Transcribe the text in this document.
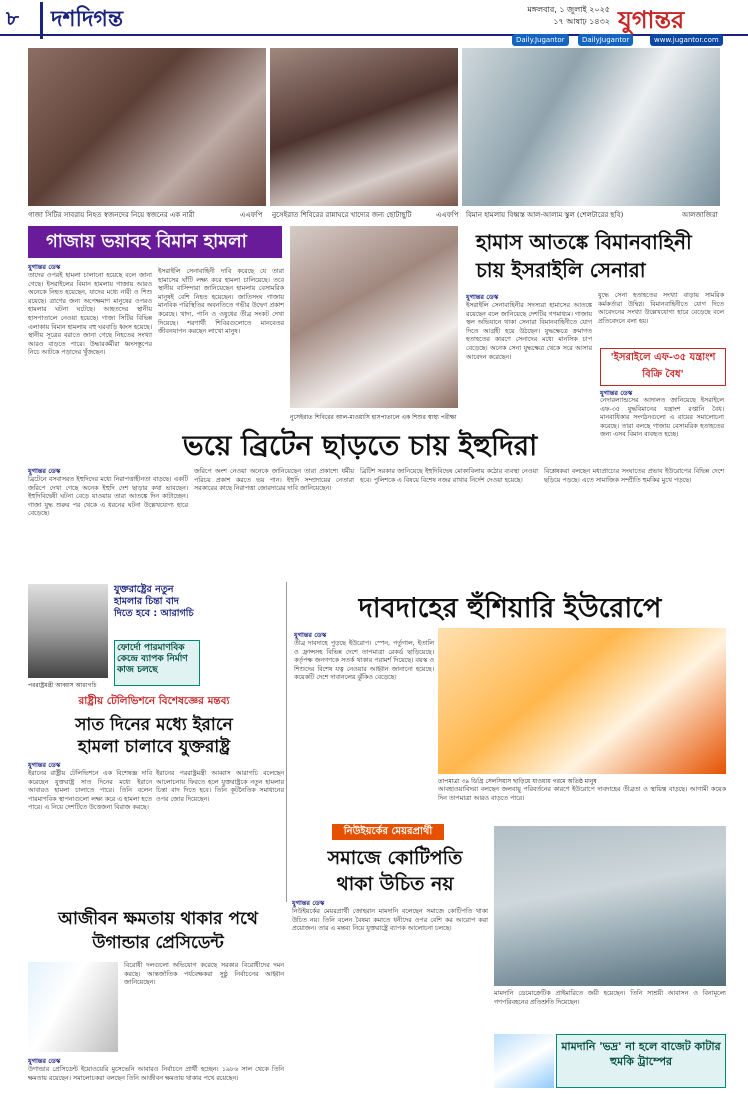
৮	দশদিগন্ত	মঙ্গলবার, ১ জুলাই ২০২৫
১৭ আষাঢ় ১৪৩২ যুগান্তর
Daily.Jugantor	DailyJugantor	www.jugantor.com
গাজা সিটির সাবরায় নিহত স্বজনদের নিয়ে স্বজনের এক নারী	এএফপি	নুসেইরাত শিবিরের রান্নাঘরে খাদ্যের জন্য ছোটাছুটি	এএফপি	বিমান হামলায় বিধ্বস্ত আল-আলাম স্কুল (শেলটারের ছবি)	আলজাজিরা
গাজায় ভয়াবহ বিমান হামলা
যুগান্তর ডেস্ক
তাদের ওপরই হামলা চালানো হয়েছে বলে জানা গেছে। ইসরাইলের বিমান হামলায় গাজায় আরও অনেকে নিহত হয়েছেন, যাদের মধ্যে নারী ও শিশু রয়েছে। ত্রাণের জন্য অপেক্ষমাণ মানুষের ওপরও হামলার ঘটনা ঘটেছে। আহতদের স্থানীয় হাসপাতালে নেওয়া হয়েছে। গাজা সিটির বিভিন্ন এলাকায় বিমান হামলায় বহু ঘরবাড়ি ধ্বংস হয়েছে। স্থানীয় সূত্রের বরাতে জানা গেছে নিহতের সংখ্যা আরও বাড়তে পারে। উদ্ধারকর্মীরা ধ্বংসস্তূপের নিচে আটকে পড়াদের খুঁজছেন।
ইসরাইলি সেনাবাহিনী দাবি করেছে যে তারা হামাসের ঘাঁটি লক্ষ্য করে হামলা চালিয়েছে। তবে স্থানীয় বাসিন্দারা জানিয়েছেন হামলায় বেসামরিক মানুষই বেশি নিহত হয়েছেন। জাতিসংঘ গাজায় মানবিক পরিস্থিতির অবনতিতে গভীর উদ্বেগ প্রকাশ করেছে। খাদ্য, পানি ও ওষুধের তীব্র সংকট দেখা দিয়েছে। শরণার্থী শিবিরগুলোতে মানবেতর জীবনযাপন করছেন লাখো মানুষ।
নুসেইরাত শিবিরের আল-মাওয়াসি হাসপাতালে এক শিশুর স্বাস্থ্য পরীক্ষা
হামাস আতঙ্কে বিমানবাহিনী
চায় ইসরাইলি সেনারা
যুগান্তর ডেস্ক
ইসরাইলি সেনাবাহিনীর সদস্যরা হামাসের আতঙ্কে রয়েছেন বলে জানিয়েছে দেশটির গণমাধ্যম। গাজায় স্থল অভিযানে থাকা সেনারা বিমানবাহিনীতে যোগ দিতে আগ্রহী হয়ে উঠছেন। যুদ্ধক্ষেত্রে ক্রমাগত হতাহতের কারণে সেনাদের মধ্যে মানসিক চাপ বেড়েছে। অনেক সেনা যুদ্ধক্ষেত্র থেকে সরে আসার আবেদন করেছেন।
যুদ্ধে সেনা হতাহতের সংখ্যা বাড়ায় সামরিক কর্মকর্তারা উদ্বিগ্ন। বিমানবাহিনীতে যোগ দিতে আবেদনের সংখ্যা উল্লেখযোগ্য হারে বেড়েছে বলে প্রতিবেদনে বলা হয়।
'ইসরাইলে এফ-৩৫ যন্ত্রাংশ বিক্রি বৈধ'
যুগান্তর ডেস্ক
নেদারল্যান্ডসের আদালত জানিয়েছে ইসরাইলে এফ-৩৫ যুদ্ধবিমানের যন্ত্রাংশ রপ্তানি বৈধ। মানবাধিকার সংগঠনগুলো এ রায়ের সমালোচনা করেছে। তারা বলছে গাজায় বেসামরিক হতাহতের জন্য এসব বিমান ব্যবহৃত হচ্ছে।
ভয়ে ব্রিটেন ছাড়তে চায় ইহুদিরা
যুগান্তর ডেস্ক
ব্রিটেনে বসবাসরত ইহুদিদের মধ্যে নিরাপত্তাহীনতা বাড়ছে। একটি জরিপে দেখা গেছে অনেক ইহুদি দেশ ছাড়ার কথা ভাবছেন। ইহুদিবিদ্বেষী ঘটনা বেড়ে যাওয়ায় তারা আতঙ্কে দিন কাটাচ্ছেন। গাজা যুদ্ধ শুরুর পর থেকে এ ধরনের ঘটনা উল্লেখযোগ্য হারে বেড়েছে।
জরিপে অংশ নেওয়া অনেকে জানিয়েছেন তারা প্রকাশ্যে ধর্মীয় পরিচয় প্রকাশ করতে ভয় পান। ইহুদি সম্প্রদায়ের নেতারা সরকারের কাছে নিরাপত্তা জোরদারের দাবি জানিয়েছেন।
ব্রিটিশ সরকার জানিয়েছে ইহুদিবিদ্বেষ মোকাবিলায় কঠোর ব্যবস্থা নেওয়া হবে। পুলিশকে এ বিষয়ে বিশেষ নজর রাখার নির্দেশ দেওয়া হয়েছে।
বিশ্লেষকরা বলছেন মধ্যপ্রাচ্যের সংঘাতের প্রভাব ইউরোপের বিভিন্ন দেশে ছড়িয়ে পড়ছে। এতে সামাজিক সম্প্রীতি হুমকির মুখে পড়ছে।
পররাষ্ট্রমন্ত্রী আব্বাস আরাগচি
যুক্তরাষ্ট্রের নতুন হামলার চিন্তা বাদ দিতে হবে : আরাগচি
ফোর্দো পারমাণবিক কেন্দ্রে ব্যাপক নির্মাণ কাজ চলছে
রাষ্ট্রীয় টেলিভিশনে বিশেষজ্ঞের মন্তব্য
সাত দিনের মধ্যে ইরানে
হামলা চালাবে যুক্তরাষ্ট্র
যুগান্তর ডেস্ক
ইরানের রাষ্ট্রীয় টেলিভিশনে এক বিশেষজ্ঞ দাবি করেছেন যুক্তরাষ্ট্র সাত দিনের মধ্যে ইরানে আবারও হামলা চালাতে পারে। তিনি বলেন পারমাণবিক স্থাপনাগুলো লক্ষ্য করে এ হামলা হতে পারে। এ নিয়ে দেশটিতে উত্তেজনা বিরাজ করছে।
ইরানের পররাষ্ট্রমন্ত্রী আব্বাস আরাগচি বলেছেন আলোচনায় ফিরতে হলে যুক্তরাষ্ট্রকে নতুন হামলার চিন্তা বাদ দিতে হবে। তিনি কূটনৈতিক সমাধানের ওপর জোর দিয়েছেন।
দাবদাহের হুঁশিয়ারি ইউরোপে
যুগান্তর ডেস্ক
তীব্র দাবদাহে পুড়ছে ইউরোপ। স্পেন, পর্তুগাল, ইতালি ও ফ্রান্সসহ বিভিন্ন দেশে তাপমাত্রা রেকর্ড ছাড়িয়েছে। কর্তৃপক্ষ জনগণকে সতর্ক থাকার পরামর্শ দিয়েছে। বয়স্ক ও শিশুদের বিশেষ যত্ন নেওয়ার আহ্বান জানানো হয়েছে। কয়েকটি দেশে দাবানলের ঝুঁকিও বেড়েছে।
তাপমাত্রা ৩৯ ডিগ্রি সেলসিয়াস ছাড়িয়ে যাওয়ায় গরমে অতিষ্ঠ মানুষ
আবহাওয়াবিদরা বলছেন জলবায়ু পরিবর্তনের কারণে ইউরোপে দাবদাহের তীব্রতা ও স্থায়িত্ব বাড়ছে। আগামী কয়েক দিন তাপমাত্রা আরও বাড়তে পারে।
নিউইয়র্কের মেয়রপ্রার্থী
সমাজে কোটিপতি
থাকা উচিত নয়
যুগান্তর ডেস্ক
নিউইয়র্কের মেয়রপ্রার্থী জোহরান মামদানি বলেছেন সমাজে কোটিপতি থাকা উচিত নয়। তিনি বলেন বৈষম্য কমাতে ধনীদের ওপর বেশি কর আরোপ করা প্রয়োজন। তার এ মন্তব্য নিয়ে যুক্তরাষ্ট্রে ব্যাপক আলোচনা চলছে।
মামদানি ডেমোক্রেটিক প্রাইমারিতে জয়ী হয়েছেন। তিনি সাশ্রয়ী আবাসন ও বিনামূল্যে গণপরিবহনের প্রতিশ্রুতি দিয়েছেন।
আজীবন ক্ষমতায় থাকার পথে
উগান্ডার প্রেসিডেন্ট
যুগান্তর ডেস্ক
উগান্ডার প্রেসিডেন্ট ইয়োওয়েরি মুসেভেনি আবারও নির্বাচনে প্রার্থী হচ্ছেন। ১৯৮৬ সাল থেকে তিনি ক্ষমতায় রয়েছেন। সমালোচকরা বলছেন তিনি আজীবন ক্ষমতায় থাকার পথে রয়েছেন।
বিরোধী দলগুলো অভিযোগ করেছে সরকার বিরোধীদের দমন করছে। আন্তর্জাতিক পর্যবেক্ষকরা সুষ্ঠু নির্বাচনের আহ্বান জানিয়েছেন।
মামদানি 'ভদ্র' না হলে বাজেট কাটার হুমকি ট্রাম্পের
